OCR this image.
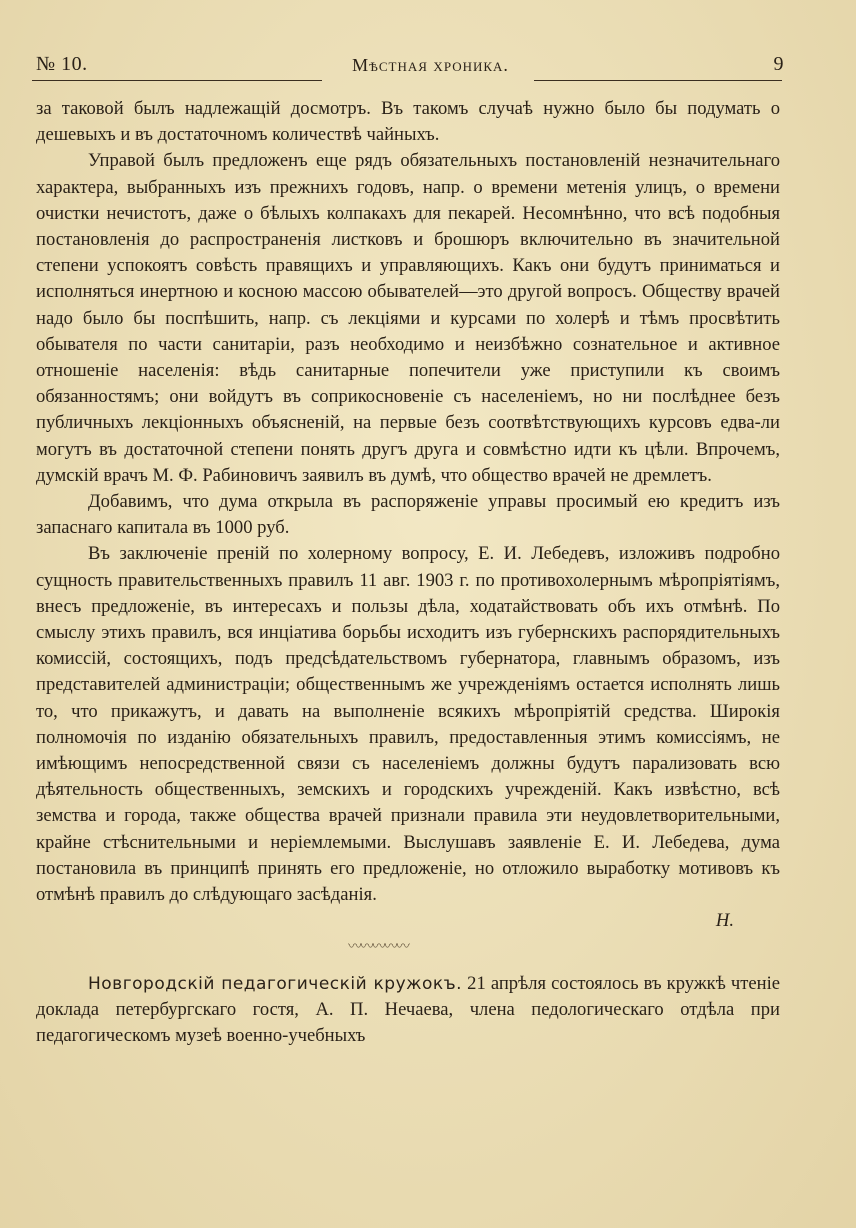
№ 10.	Мѣстная хроника.	9

за таковой былъ надлежащій досмотръ. Въ такомъ случаѣ нужно было бы подумать о дешевыхъ и въ достаточномъ количествѣ чайныхъ.

Управой былъ предложенъ еще рядъ обязательныхъ постановленій незначительнаго характера, выбранныхъ изъ прежнихъ годовъ, напр. о времени метенія улицъ, о времени очистки нечистотъ, даже о бѣлыхъ колпакахъ для пекарей. Несомнѣнно, что всѣ подобныя постановленія до распространенія листковъ и брошюръ включительно въ значительной степени успокоятъ совѣсть правящихъ и управляющихъ. Какъ они будутъ приниматься и исполняться инертною и косною массою обывателей—это другой вопросъ. Обществу врачей надо было бы поспѣшить, напр. съ лекціями и курсами по холерѣ и тѣмъ просвѣтить обывателя по части санитаріи, разъ необходимо и неизбѣжно сознательное и активное отношеніе населенія: вѣдь санитарные попечители уже приступили къ своимъ обязанностямъ; они войдутъ въ соприкосновеніе съ населеніемъ, но ни послѣднее безъ публичныхъ лекціонныхъ объясненій, на первые безъ соотвѣтствующихъ курсовъ едва-ли могутъ въ достаточной степени понять другъ друга и совмѣстно идти къ цѣли. Впрочемъ, думскій врачъ М. Ф. Рабиновичъ заявилъ въ думѣ, что общество врачей не дремлетъ.

Добавимъ, что дума открыла въ распоряженіе управы просимый ею кредитъ изъ запаснаго капитала въ 1000 руб.

Въ заключеніе преній по холерному вопросу, Е. И. Лебедевъ, изложивъ подробно сущность правительственныхъ правилъ 11 авг. 1903 г. по противохолернымъ мѣропріятіямъ, внесъ предложеніе, въ интересахъ и пользы дѣла, ходатайствовать объ ихъ отмѣнѣ. По смыслу этихъ правилъ, вся инціатива борьбы исходитъ изъ губернскихъ распорядительныхъ комиссій, состоящихъ, подъ предсѣдательствомъ губернатора, главнымъ образомъ, изъ представителей администраціи; общественнымъ же учрежденіямъ остается исполнять лишь то, что прикажутъ, и давать на выполненіе всякихъ мѣропріятій средства. Широкія полномочія по изданію обязательныхъ правилъ, предоставленныя этимъ комиссіямъ, не имѣющимъ непосредственной связи съ населеніемъ должны будутъ парализовать всю дѣятельность общественныхъ, земскихъ и городскихъ учрежденій. Какъ извѣстно, всѣ земства и города, также общества врачей признали правила эти неудовлетворительными, крайне стѣснительными и неріемлемыми. Выслушавъ заявленіе Е. И. Лебедева, дума постановила въ принципѣ принять его предложеніе, но отложило выработку мотивовъ къ отмѣнѣ правилъ до слѣдующаго засѣданія.

Н.

〰〰〰〰〰

Новгородскій педагогическій кружокъ. 21 апрѣля состоялось въ кружкѣ чтеніе доклада петербургскаго гостя, А. П. Нечаева, члена педологическаго отдѣла при педагогическомъ музеѣ военно-учебныхъ
